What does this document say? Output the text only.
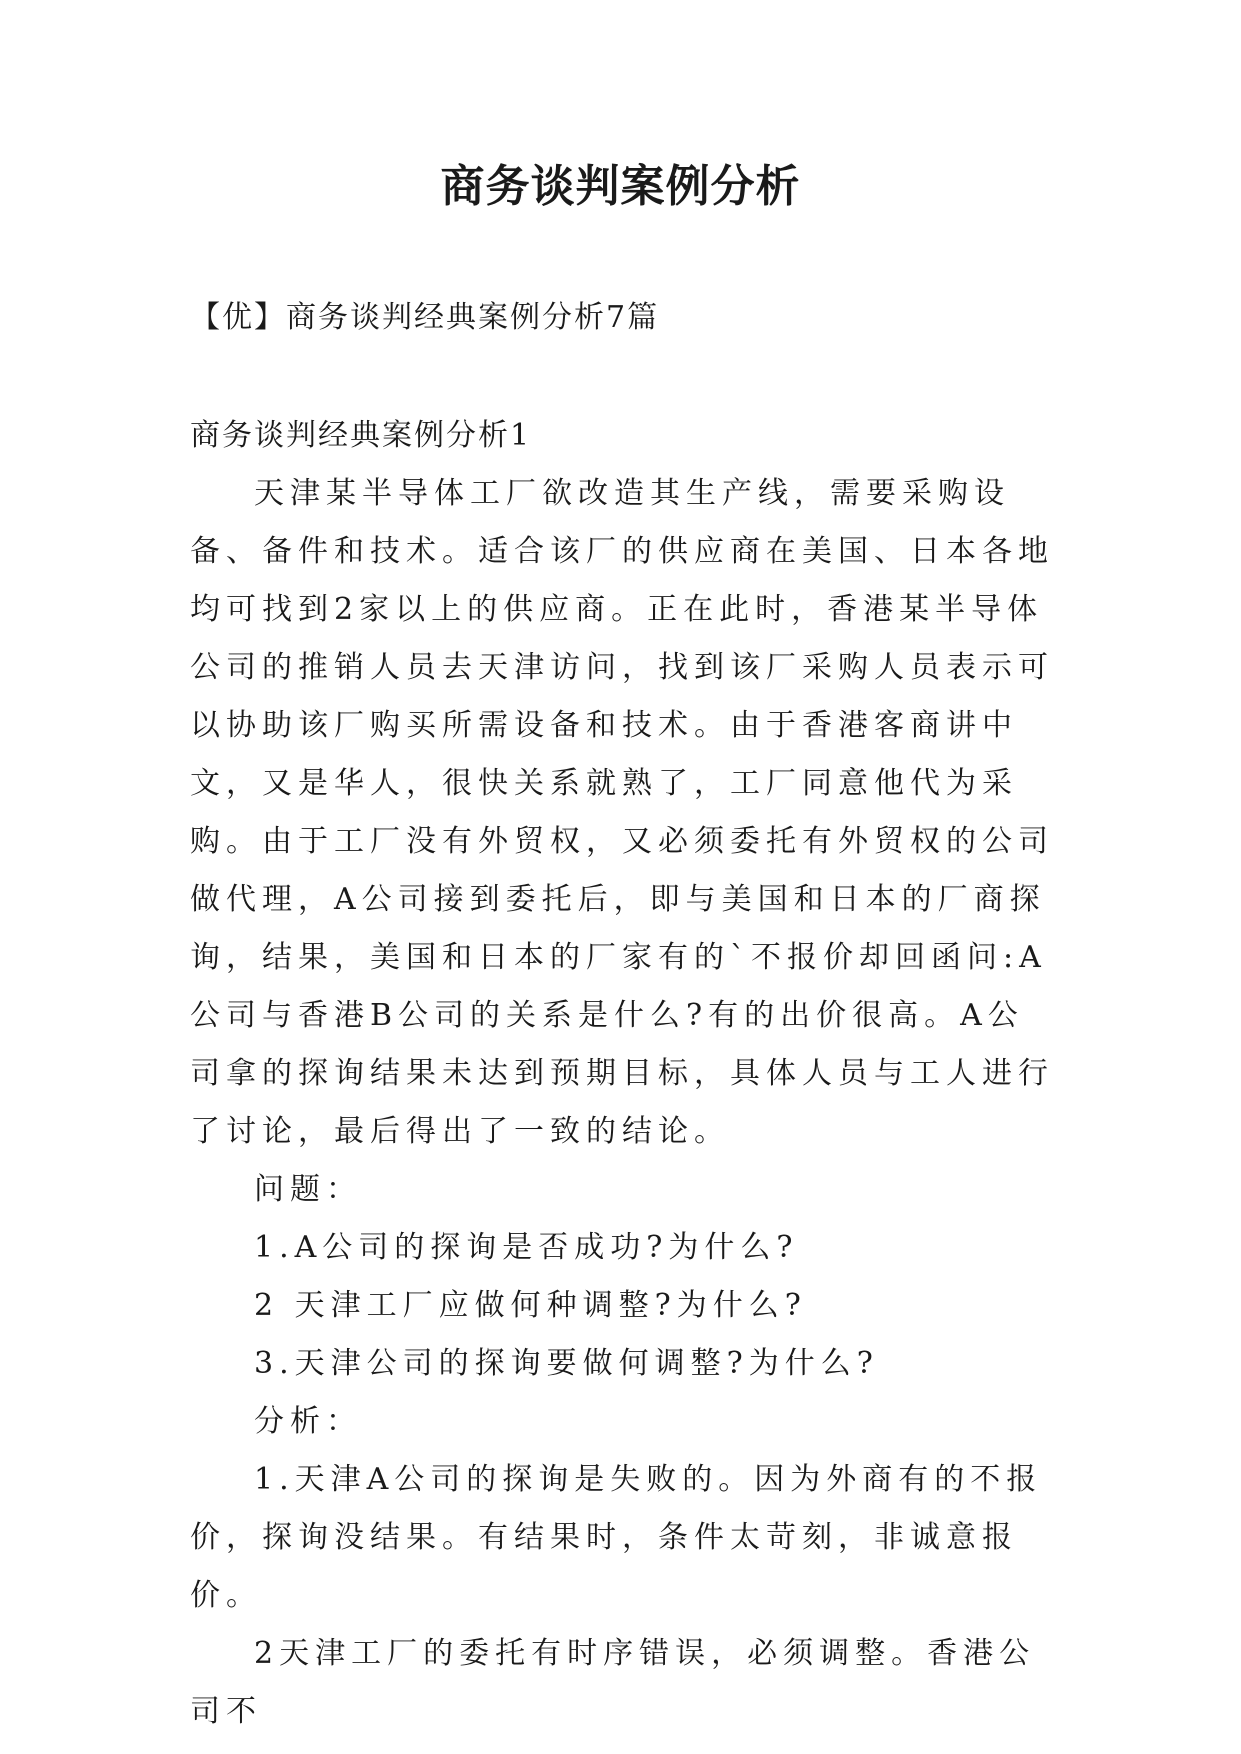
商务谈判案例分析
【优】商务谈判经典案例分析7篇
商务谈判经典案例分析1

天津某半导体工厂欲改造其生产线，需要采购设备、备件和技术。适合该厂的供应商在美国、日本各地均可找到2家以上的供应商。正在此时，香港某半导体公司的推销人员去天津访问，找到该厂采购人员表示可以协助该厂购买所需设备和技术。由于香港客商讲中文，又是华人，很快关系就熟了，工厂同意他代为采购。由于工厂没有外贸权，又必须委托有外贸权的公司做代理，A公司接到委托后，即与美国和日本的厂商探询，结果，美国和日本的厂家有的`不报价却回函问:A公司与香港B公司的关系是什么?有的出价很高。A公司拿的探询结果未达到预期目标，具体人员与工人进行了讨论，最后得出了一致的结论。

问题：

1.A公司的探询是否成功?为什么?

2 天津工厂应做何种调整?为什么?

3.天津公司的探询要做何调整?为什么?

分析：

1.天津A公司的探询是失败的。因为外商有的不报价，探询没结果。有结果时，条件太苛刻，非诚意报价。

2天津工厂的委托有时序错误，必须调整。香港公司不
